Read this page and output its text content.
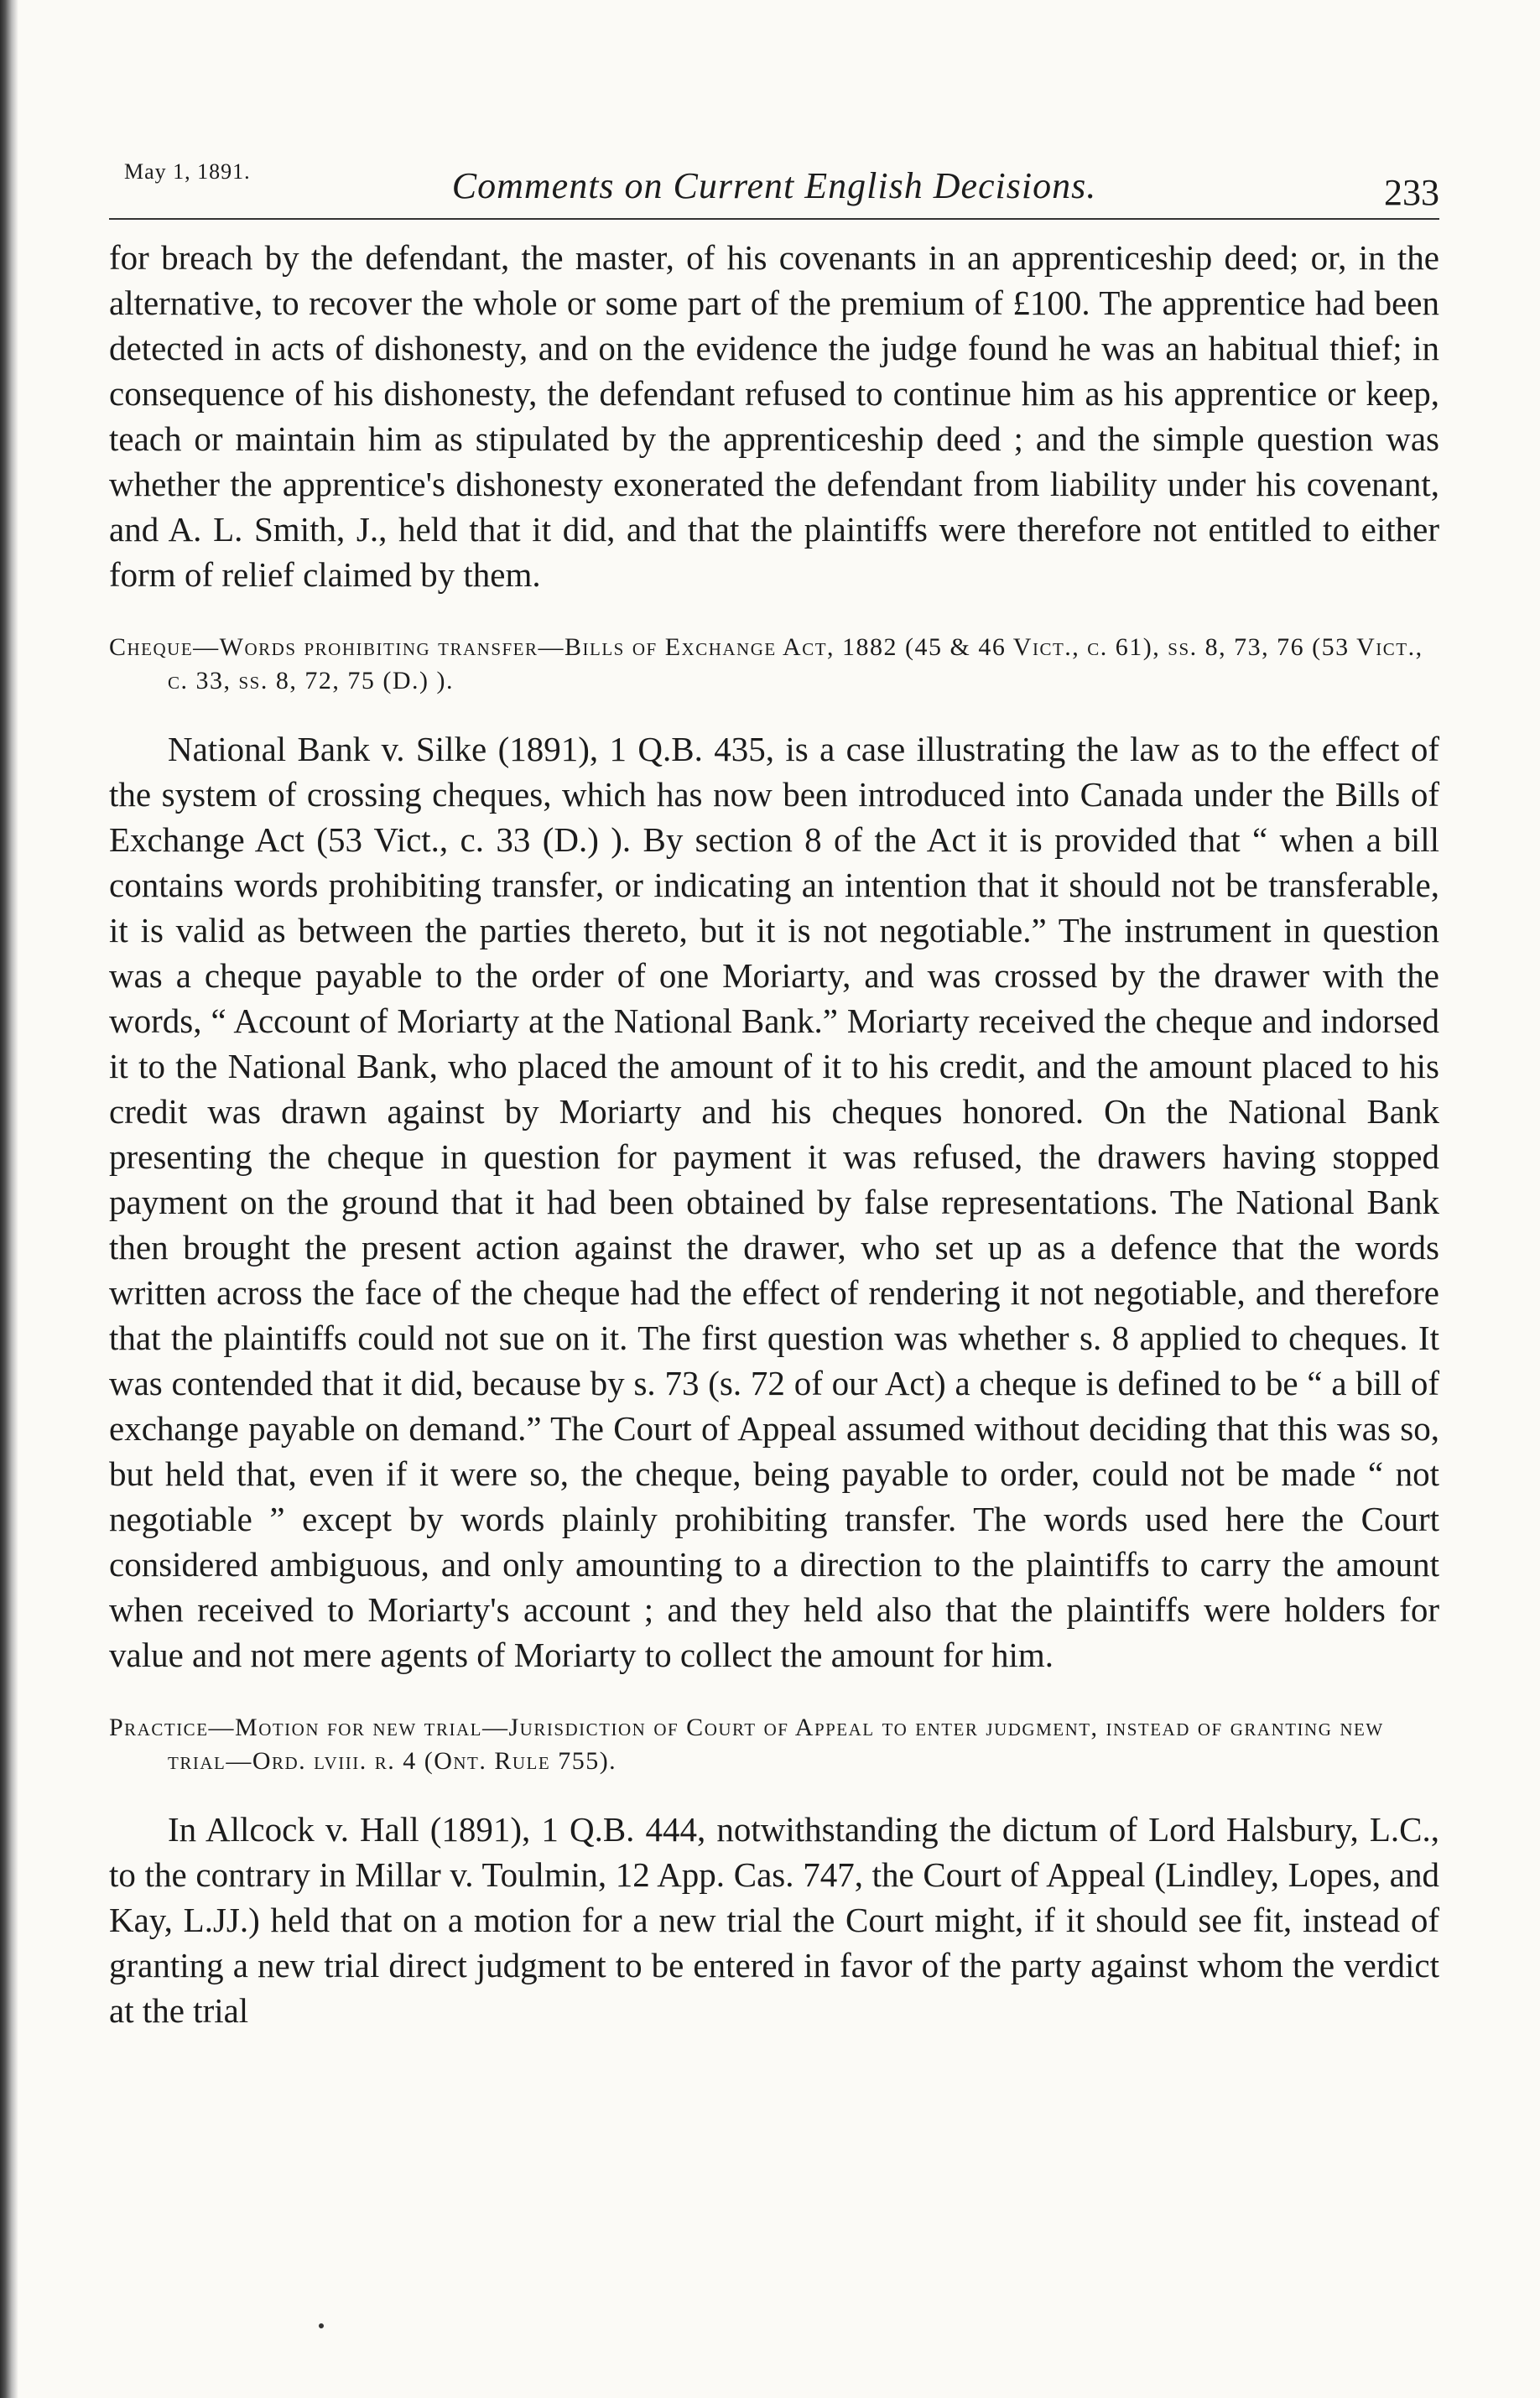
May 1, 1891.	Comments on Current English Decisions.	233

for breach by the defendant, the master, of his covenants in an apprenticeship deed; or, in the alternative, to recover the whole or some part of the premium of £100. The apprentice had been detected in acts of dishonesty, and on the evidence the judge found he was an habitual thief; in consequence of his dishonesty, the defendant refused to continue him as his apprentice or keep, teach or maintain him as stipulated by the apprenticeship deed ; and the simple question was whether the apprentice's dishonesty exonerated the defendant from liability under his covenant, and A. L. Smith, J., held that it did, and that the plaintiffs were therefore not entitled to either form of relief claimed by them.

Cheque—Words prohibiting transfer—Bills of Exchange Act, 1882 (45 & 46 Vict., c. 61), ss. 8, 73, 76 (53 Vict., c. 33, ss. 8, 72, 75 (D.) ).

National Bank v. Silke (1891), 1 Q.B. 435, is a case illustrating the law as to the effect of the system of crossing cheques, which has now been introduced into Canada under the Bills of Exchange Act (53 Vict., c. 33 (D.) ). By section 8 of the Act it is provided that “ when a bill contains words prohibiting transfer, or indicating an intention that it should not be transferable, it is valid as between the parties thereto, but it is not negotiable.” The instrument in question was a cheque payable to the order of one Moriarty, and was crossed by the drawer with the words, “ Account of Moriarty at the National Bank.” Moriarty received the cheque and indorsed it to the National Bank, who placed the amount of it to his credit, and the amount placed to his credit was drawn against by Moriarty and his cheques honored. On the National Bank presenting the cheque in question for payment it was refused, the drawers having stopped payment on the ground that it had been obtained by false representations. The National Bank then brought the present action against the drawer, who set up as a defence that the words written across the face of the cheque had the effect of rendering it not negotiable, and therefore that the plaintiffs could not sue on it. The first question was whether s. 8 applied to cheques. It was contended that it did, because by s. 73 (s. 72 of our Act) a cheque is defined to be “ a bill of exchange payable on demand.” The Court of Appeal assumed without deciding that this was so, but held that, even if it were so, the cheque, being payable to order, could not be made “ not negotiable ” except by words plainly prohibiting transfer. The words used here the Court considered ambiguous, and only amounting to a direction to the plaintiffs to carry the amount when received to Moriarty's account ; and they held also that the plaintiffs were holders for value and not mere agents of Moriarty to collect the amount for him.

Practice—Motion for new trial—Jurisdiction of Court of Appeal to enter judgment, instead of granting new trial—Ord. lviii. r. 4 (Ont. Rule 755).

In Allcock v. Hall (1891), 1 Q.B. 444, notwithstanding the dictum of Lord Halsbury, L.C., to the contrary in Millar v. Toulmin, 12 App. Cas. 747, the Court of Appeal (Lindley, Lopes, and Kay, L.JJ.) held that on a motion for a new trial the Court might, if it should see fit, instead of granting a new trial direct judgment to be entered in favor of the party against whom the verdict at the trial
